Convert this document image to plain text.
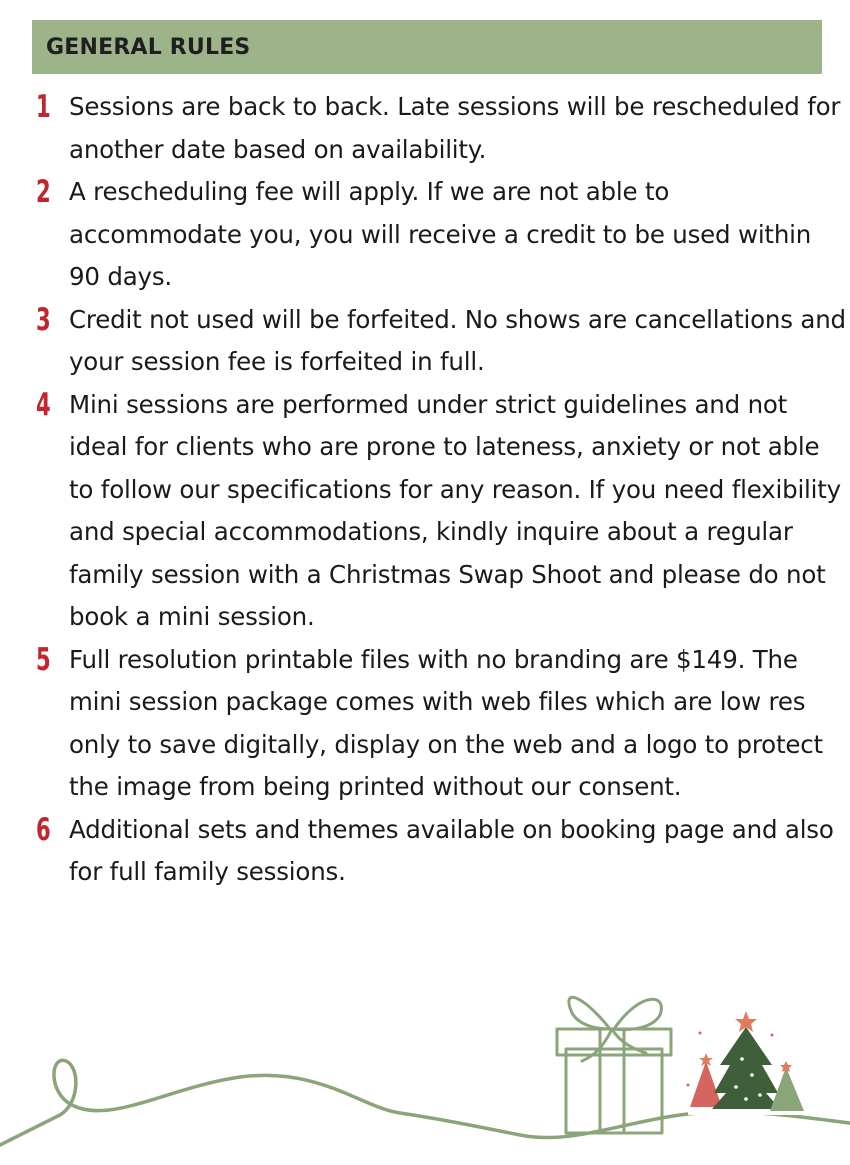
GENERAL RULES
1 Sessions are back to back. Late sessions will be rescheduled for another date based on availability.
2 A rescheduling fee will apply. If we are not able to accommodate you, you will receive a credit to be used within 90 days.
3 Credit not used will be forfeited. No shows are cancellations and your session fee is forfeited in full.
4 Mini sessions are performed under strict guidelines and not ideal for clients who are prone to lateness, anxiety or not able to follow our specifications for any reason. If you need flexibility and special accommodations, kindly inquire about a regular family session with a Christmas Swap Shoot and please do not book a mini session.
5 Full resolution printable files with no branding are $149. The mini session package comes with web files which are low res only to save digitally, display on the web and a logo to protect the image from being printed without our consent.
6 Additional sets and themes available on booking page and also for full family sessions.
